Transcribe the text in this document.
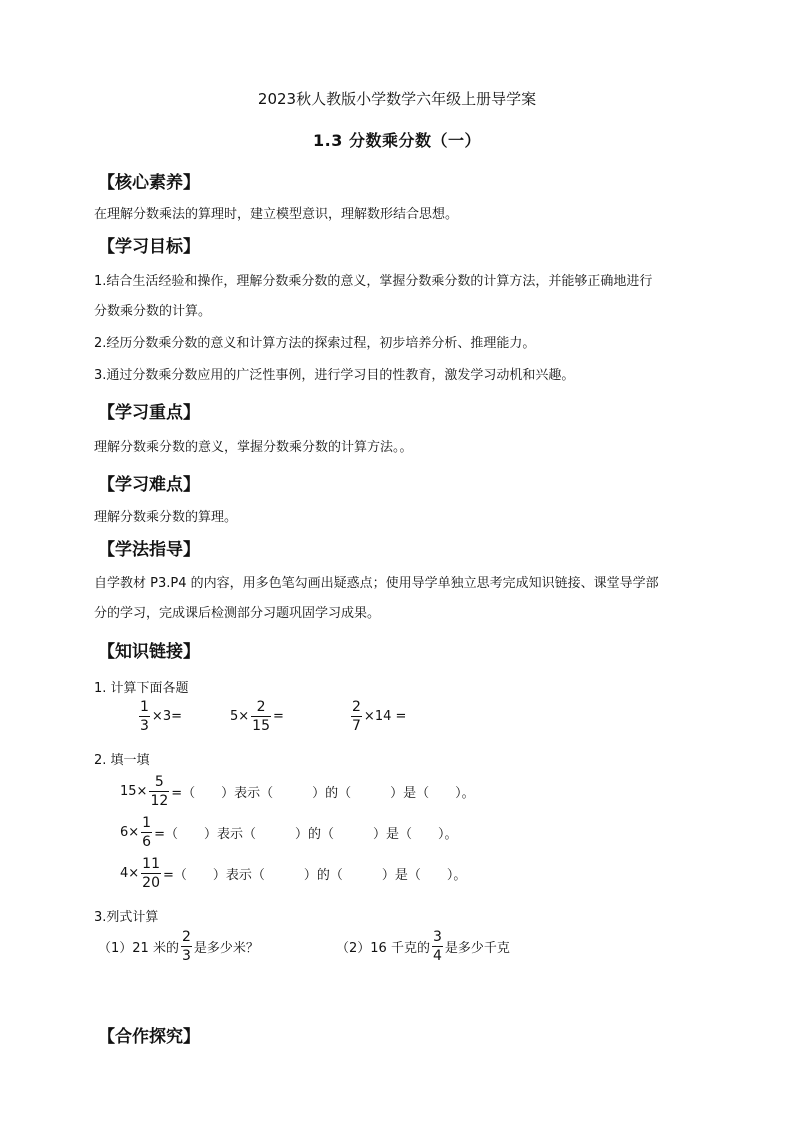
2023秋人教版小学数学六年级上册导学案
1.3 分数乘分数（一）
【核心素养】
在理解分数乘法的算理时，建立模型意识，理解数形结合思想。
【学习目标】
1.结合生活经验和操作，理解分数乘分数的意义，掌握分数乘分数的计算方法，并能够正确地进行
分数乘分数的计算。
2.经历分数乘分数的意义和计算方法的探索过程，初步培养分析、推理能力。
3.通过分数乘分数应用的广泛性事例，进行学习目的性教育，激发学习动机和兴趣。
【学习重点】
理解分数乘分数的意义，掌握分数乘分数的计算方法。。
【学习难点】
理解分数乘分数的算理。
【学法指导】
自学教材 P3.P4 的内容，用多色笔勾画出疑惑点；使用导学单独立思考完成知识链接、课堂导学部
分的学习，完成课后检测部分习题巩固学习成果。
【知识链接】
1. 计算下面各题
$\frac{1}{3} \times 3=$	$5\times \frac{2}{15}$ =	$\frac{2}{7} \times 14$ =
2. 填一填
$15\times \frac{5}{12}$ =（　　）表示（　　　）的（　　　）是（　　）。
$6\times \frac{1}{6}$ =（　　）表示（　　　）的（　　　）是（　　）。
$4\times \frac{11}{20}$ =（　　）表示（　　　）的（　　　）是（　　）。
3.列式计算
（1）21 米的 $\frac{2}{3}$ 是多少米？	（2）16 千克的 $\frac{3}{4}$ 是多少千克
【合作探究】
